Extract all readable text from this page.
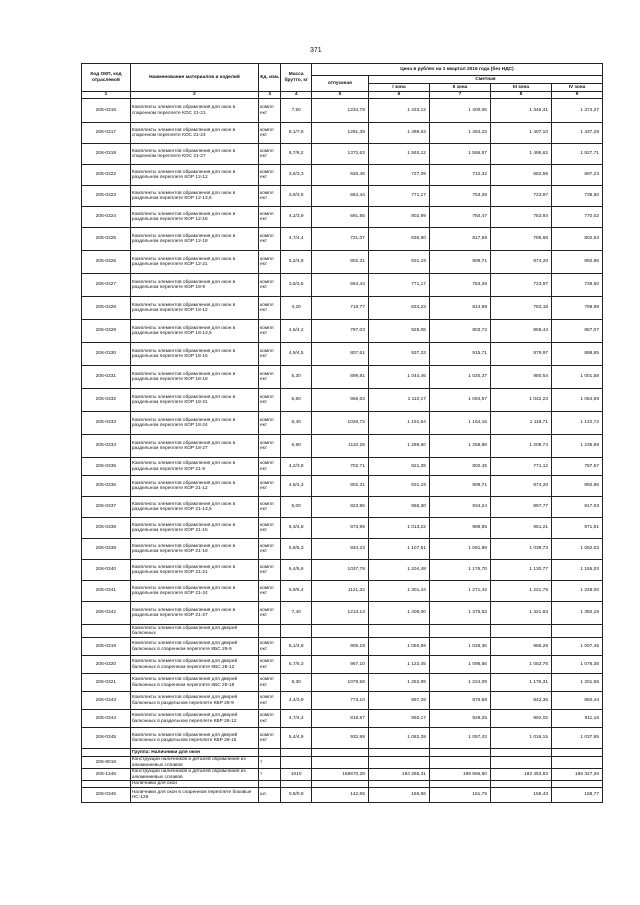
371
Код ОКП, код отраслевой	Наименование материалов и изделий	Ед. изм.	Масса брутто, кг	Цена в рублях на 1 квартал 2016 года (без НДС)				
				отпускная	Сметная			
					I зона	II зона	III зона	IV зона
1	2	3	4	5	6	7	8	9
206-0316	Комплекты элементов обрамления для окон в спаренном переплете КОС 21-21	компл ект	7,50	1234,78	1 433,12	1 400,06	1 345,41	1 374,27
206-0317	Комплекты элементов обрамления для окон в спаренном переплете КОС 21-24	компл ект	8,1/7,6	1291,39	1 498,63	1 464,23	1 407,10	1 437,29
206-0318	Комплекты элементов обрамления для окон в спаренном переплете КОС 21-27	компл ект	8,7/8,2	1372,63	1 593,12	1 556,57	1 495,62	1 527,71
206-0322	Комплекты элементов обрамления для окон в раздельном переплете КОР 12-12	компл ект	3,6/3,3	626,46	727,09	710,32	682,59	697,23
206-0323	Комплекты элементов обрамления для окон в раздельном переплете КОР 12-13,5	компл ект	3,9/3,6	664,44	771,17	753,38	723,97	739,50
206-0324	Комплекты элементов обрамления для окон в раздельном переплете КОР 12-15	компл ект	4,2/3,9	691,85	802,99	784,47	753,84	770,02
206-0325	Комплекты элементов обрамления для окон в раздельном переплете КОР 12-18	компл ект	4,7/4,4	721,07	836,90	817,59	785,68	802,53
206-0326	Комплекты элементов обрамления для окон в раздельном переплете КОР 12-21	компл ект	5,2/4,9	802,31	931,19	909,71	874,20	892,96
206-0327	Комплекты элементов обрамления для окон в раздельном переплете КОР 18-9	компл ект	3,9/3,5	664,44	771,17	753,38	723,97	739,50
206-0328	Комплекты элементов обрамления для окон в раздельном переплете КОР 18-12	компл ект	4,20	718,77	834,23	814,99	783,18	799,98
206-0329	Комплекты элементов обрамления для окон в раздельном переплете КОР 18-13,5	компл ект	4,6/4,2	797,03	925,06	903,72	868,44	887,07
206-0330	Комплекты элементов обрамления для окон в раздельном переплете КОР 18-15	компл ект	4,9/4,5	807,61	937,33	915,71	879,97	898,85
206-0331	Комплекты элементов обрамления для окон в раздельном переплете КОР 18-18	компл ект	5,30	899,81	1 044,46	1 020,37	980,54	1 001,58
206-0332	Комплекты элементов обрамления для окон в раздельном переплете КОР 18-21	компл ект	5,80	956,63	1 110,17	1 084,57	1 042,23	1 064,59
206-0333	Комплекты элементов обрамления для окон в раздельном переплете КОР 18-24	компл ект	6,40	1026,72	1 191,64	1 164,16	1 118,71	1 142,72
206-0334	Комплекты элементов обрамления для окон в раздельном переплете КОР 18-27	компл ект	6,90	1110,26	1 288,60	1 258,88	1 209,74	1 235,69
206-0335	Комплекты элементов обрамления для окон в раздельном переплете КОР 21-9	компл ект	4,2/3,8	702,71	821,39	802,45	771,12	787,67
206-0336	Комплекты элементов обрамления для окон в раздельном переплете КОР 21-12	компл ект	4,8/4,3	802,31	931,19	909,71	874,20	892,96
206-0337	Комплекты элементов обрамления для окон в раздельном переплете КОР 21-13,5	компл ект	5,00	823,95	956,30	934,24	897,77	917,03
206-0338	Комплекты элементов обрамления для окон в раздельном переплете КОР 21-15	компл ект	5,3/4,8	873,99	1 013,22	989,85	951,21	971,61
206-0339	Комплекты элементов обрамления для окон в раздельном переплете КОР 21-18	компл ект	5,8/5,3	934,23	1 107,51	1 081,99	1 039,73	1 062,03
206-0340	Комплекты элементов обрамления для окон в раздельном переплете КОР 21-21	компл ект	6,4/5,6	1037,78	1 204,48	1 176,70	1 130,77	1 155,03
206-0341	Комплекты элементов обрамления для окон в раздельном переплете КОР 21-24	компл ект	6,9/6,4	1121,32	1 301,44	1 271,42	1 221,79	1 248,00
206-0342	Комплекты элементов обрамления для окон в раздельном переплете КОР 21-27	компл ект	7,40	1213,14	1 408,00	1 375,53	1 321,83	1 350,19
	Комплекты элементов обрамления для дверей балконных							
206-0319	Комплекты элементов обрамления для дверей балконных в спаренном переплете КБС 28-9	компл ект	5,1/4,9	905,19	1 050,59	1 026,36	986,29	1 007,45
206-0320	Комплекты элементов обрамления для дверей балконных в спаренном переплете КБС 28-12	компл ект	5,7/5,3	967,10	1 122,45	1 096,56	1 053,76	1 076,36
206-0321	Комплекты элементов обрамления для дверей балконных в спаренном переплете КБС 28-18	компл ект	6,30	1079,58	1 252,99	1 224,09	1 176,31	1 201,55
206-0343	Комплекты элементов обрамления для дверей балконных в раздельном переплете КБР 28-9	компл ект	4,4/3,9	773,10	897,28	876,58	842,36	860,44
206-0344	Комплекты элементов обрамления для дверей балконных в раздельном переплете КБР 28-12	компл ект	4,7/4,3	818,87	950,17	928,25	892,02	911,16
206-0345	Комплекты элементов обрамления для дверей балконных в раздельном переплете КБР 28-15	компл ект	5,4/4,9	932,99	1 082,39	1 057,43	1 016,15	1 037,95
	Группа: Наличники для окон							
206-9016	Конструкции наличников и деталей обрамления из алюминиевых сплавов	т						
206-1346	Конструкции наличников и деталей обрамления из алюминиевых сплавов	т	1010	168670,28	194 286,31	189 866,60	182 453,63	186 327,26
	Наличники для окон							
206-0346	Наличники для окон в спаренном переплете боковые НС-126	шт.	0,9/0,8	142,65	165,56	161,75	155,43	158,77
